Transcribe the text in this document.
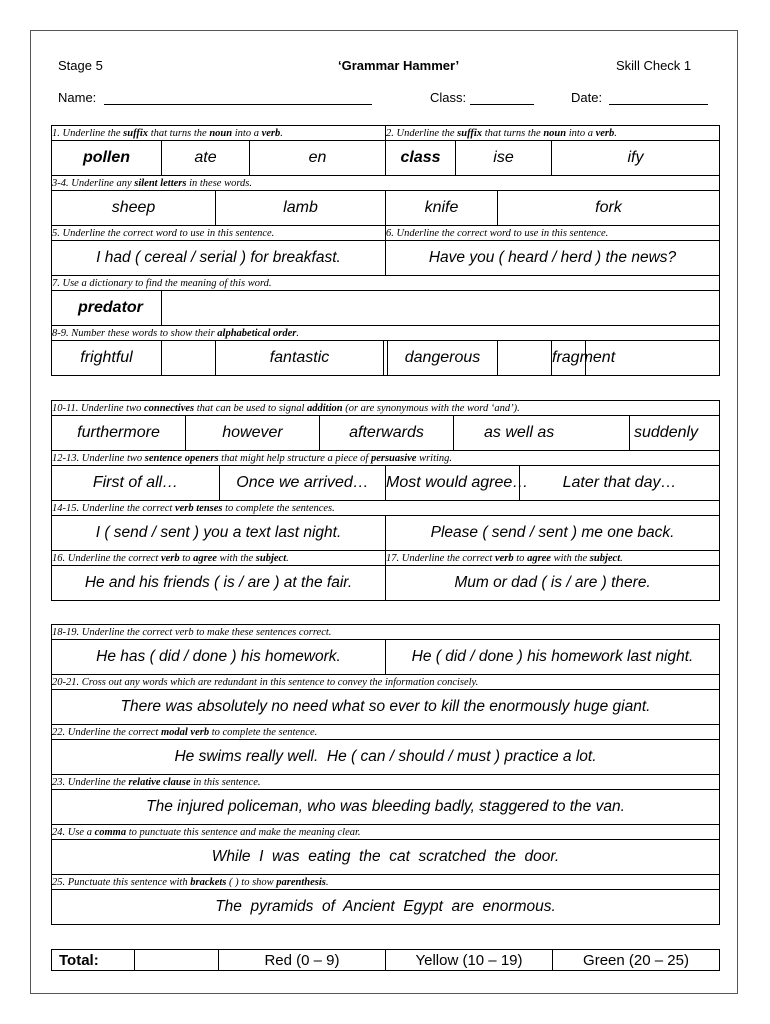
Stage 5	‘Grammar Hammer’	Skill Check 1
Name:	Class:	Date:
1. Underline the suffix that turns the noun into a verb.					2. Underline the suffix that turns the noun into a verb.					
pollen	ate		en		class		ise		ify	
3-4. Underline any silent letters in these words.										
sheep		lamb			knife			fork		
5. Underline the correct word to use in this sentence.					6. Underline the correct word to use in this sentence.					
I had ( cereal / serial ) for breakfast.					Have you ( heard / herd ) the news?					
7. Use a dictionary to find the meaning of this word.										
predator										
8-9. Number these words to show their alphabetical order.										
frightful		fantastic				dangerous			fragment	
10-11. Underline two connectives that can be used to signal addition (or are synonymous with the word ‘and’).							
furthermore	however		afterwards		as well as		suddenly
12-13. Underline two sentence openers that might help structure a piece of persuasive writing.							
First of all…		Once we arrived…		Most would agree…		Later that day…	
14-15. Underline the correct verb tenses to complete the sentences.							
I ( send / sent ) you a text last night.				Please ( send / sent ) me one back.			
16. Underline the correct verb to agree with the subject.				17. Underline the correct verb to agree with the subject.			
He and his friends ( is / are ) at the fair.				Mum or dad ( is / are ) there.			
18-19. Underline the correct verb to make these sentences correct.
He has ( did / done ) his homework.	He ( did / done ) his homework last night.
20-21. Cross out any words which are redundant in this sentence to convey the information concisely.
There was absolutely no need what so ever to kill the enormously huge giant.
22. Underline the correct modal verb to complete the sentence.
He swims really well.  He ( can / should / must ) practice a lot.
23. Underline the relative clause in this sentence.
The injured policeman, who was bleeding badly, staggered to the van.
24. Use a comma to punctuate this sentence and make the meaning clear.
While  I  was  eating  the  cat  scratched  the  door.
25. Punctuate this sentence with brackets ( ) to show parenthesis.
The  pyramids  of  Ancient  Egypt  are  enormous.
Total:		Red (0 – 9)	Yellow (10 – 19)	Green (20 – 25)
